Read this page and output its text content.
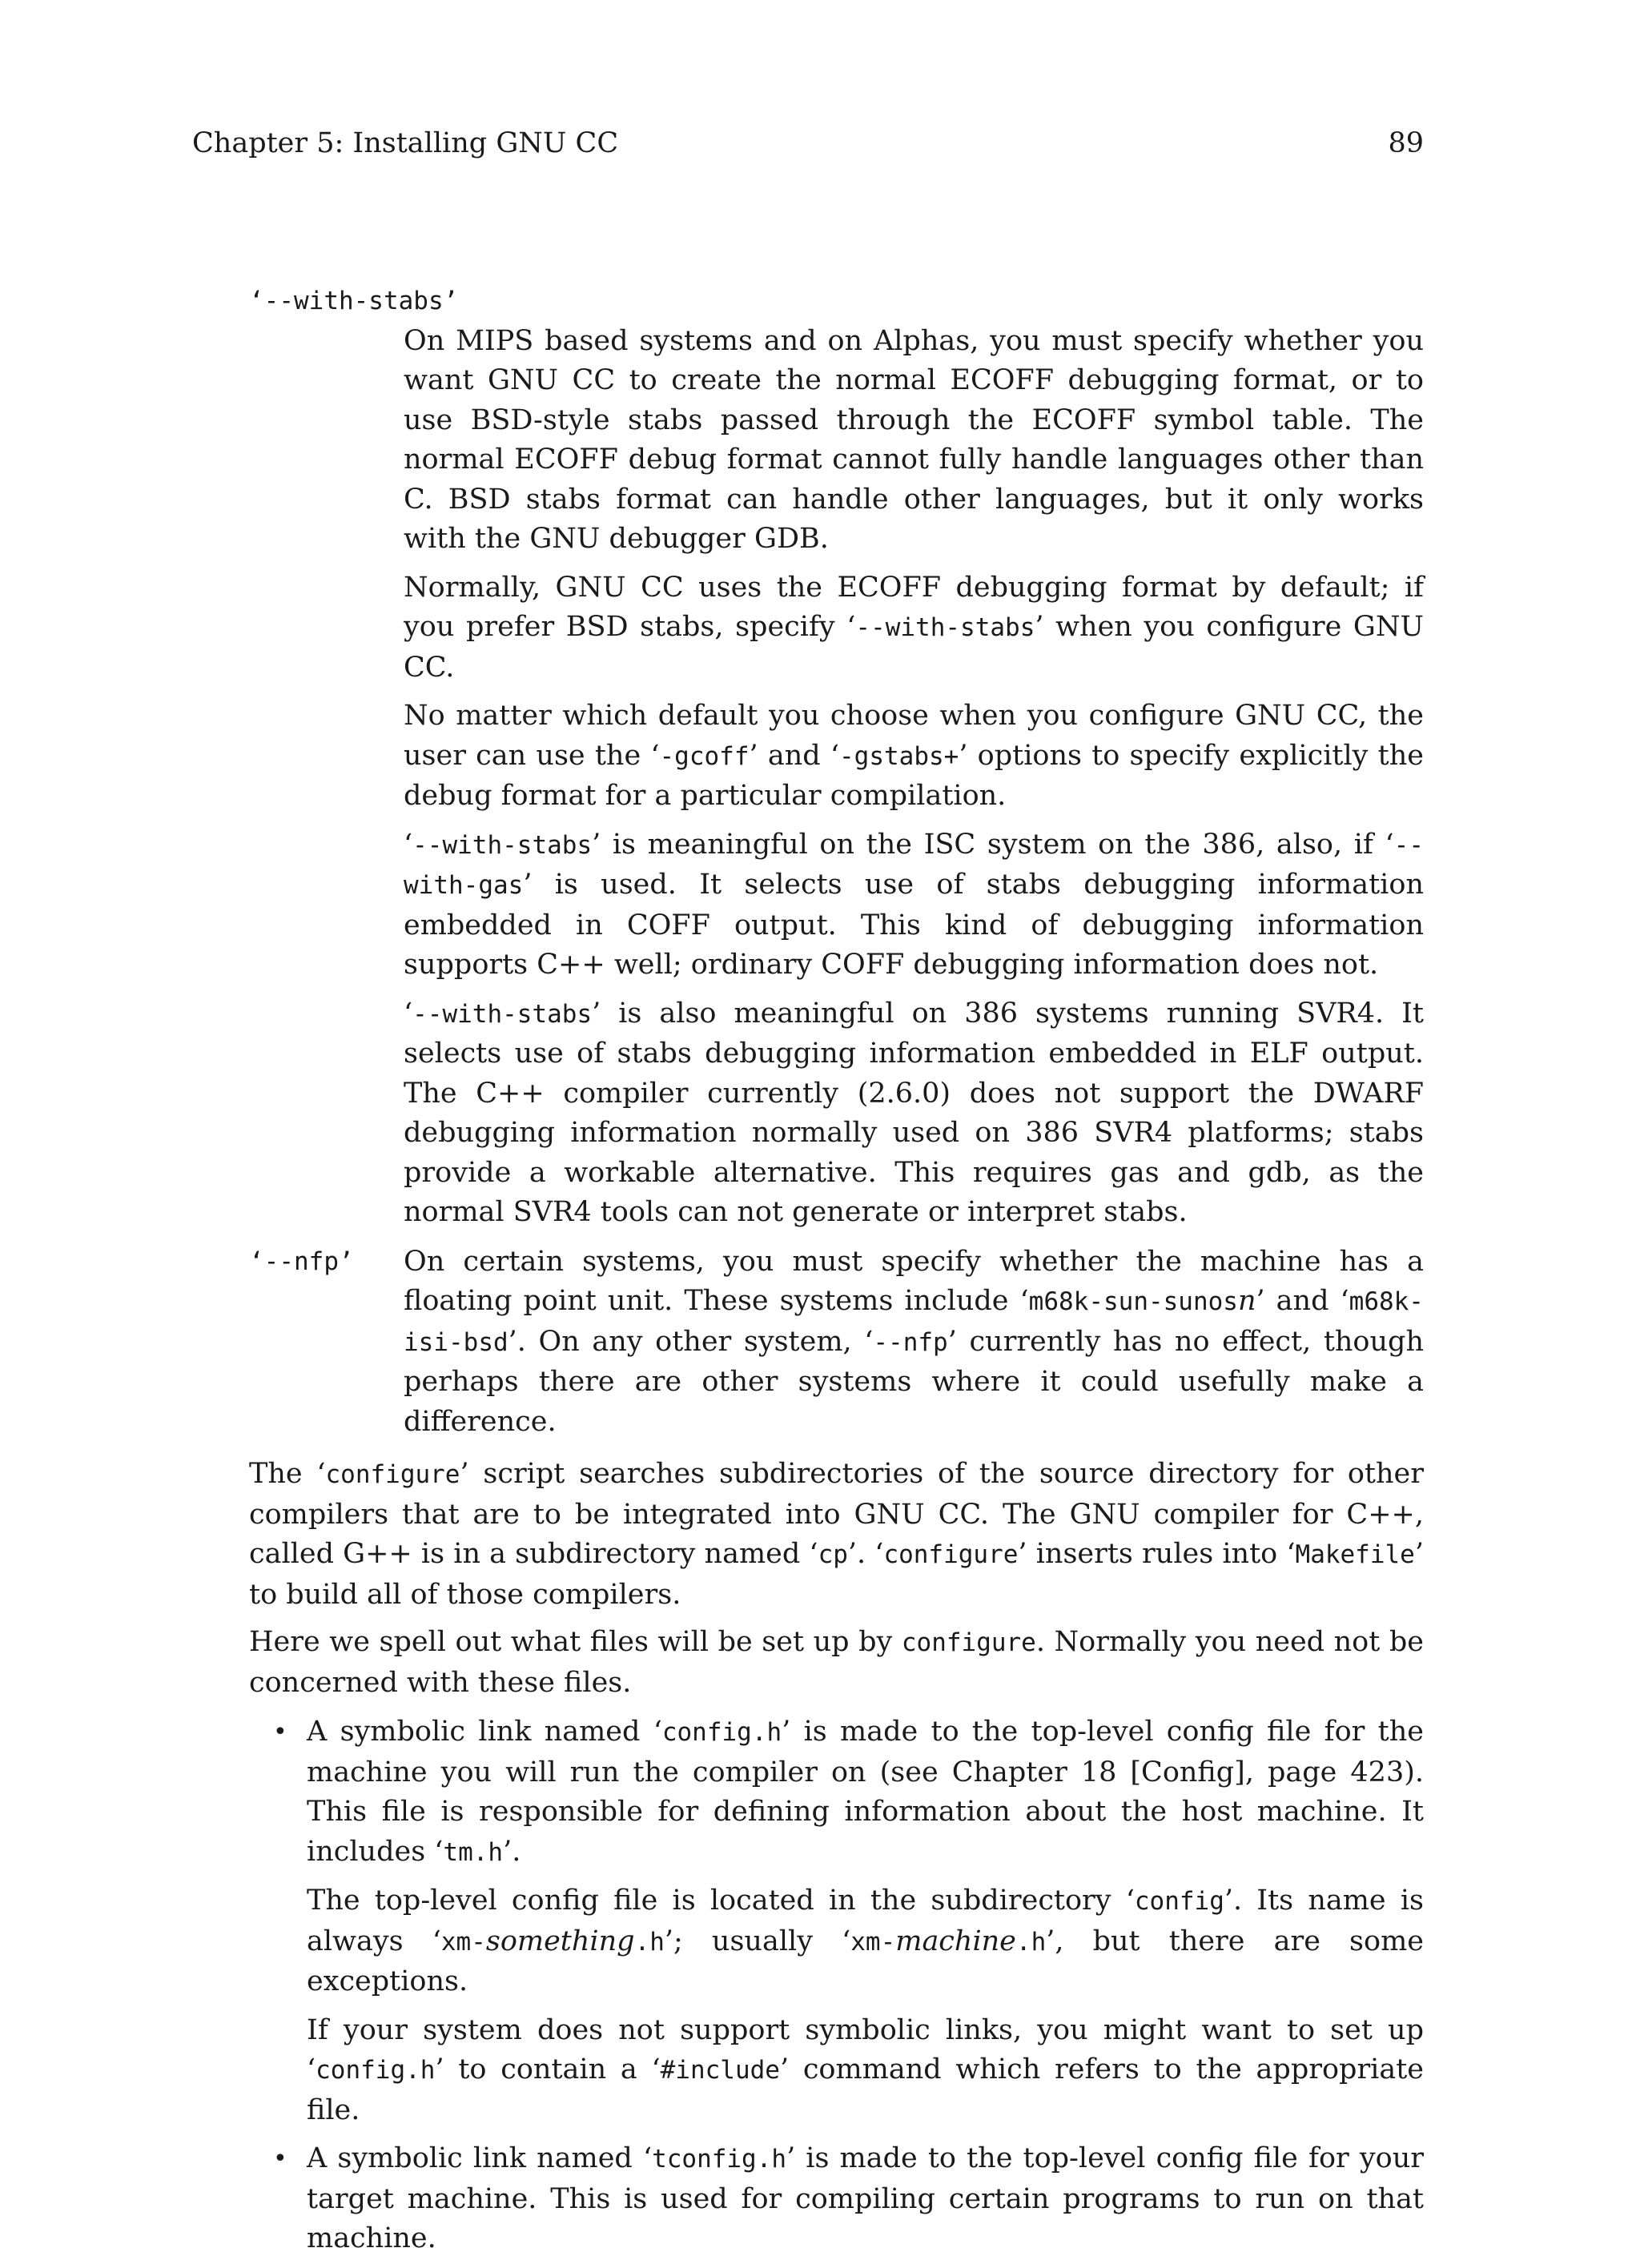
Chapter 5: Installing GNU CC	89
‘--with-stabs’

On MIPS based systems and on Alphas, you must specify whether you want GNU CC to create the normal ECOFF debugging format, or to use BSD-style stabs passed through the ECOFF symbol table. The normal ECOFF debug format cannot fully handle languages other than C. BSD stabs format can handle other languages, but it only works with the GNU debugger GDB.

Normally, GNU CC uses the ECOFF debugging format by default; if you prefer BSD stabs, specify ‘--with-stabs’ when you configure GNU CC.

No matter which default you choose when you configure GNU CC, the user can use the ‘-gcoff’ and ‘-gstabs+’ options to specify explicitly the debug format for a particular compilation.

‘--with-stabs’ is meaningful on the ISC system on the 386, also, if ‘--with-gas’ is used. It selects use of stabs debugging information embedded in COFF output. This kind of debugging information supports C++ well; ordinary COFF debugging information does not.

‘--with-stabs’ is also meaningful on 386 systems running SVR4. It selects use of stabs debugging information embedded in ELF output. The C++ compiler currently (2.6.0) does not support the DWARF debugging information normally used on 386 SVR4 platforms; stabs provide a workable alternative. This requires gas and gdb, as the normal SVR4 tools can not generate or interpret stabs.

‘--nfp’ On certain systems, you must specify whether the machine has a floating point unit. These systems include ‘m68k-sun-sunosn’ and ‘m68k-isi-bsd’. On any other system, ‘--nfp’ currently has no effect, though perhaps there are other systems where it could usefully make a difference.

The ‘configure’ script searches subdirectories of the source directory for other compilers that are to be integrated into GNU CC. The GNU compiler for C++, called G++ is in a subdirectory named ‘cp’. ‘configure’ inserts rules into ‘Makefile’ to build all of those compilers.

Here we spell out what files will be set up by configure. Normally you need not be concerned with these files.

• A symbolic link named ‘config.h’ is made to the top-level config file for the machine you will run the compiler on (see Chapter 18 [Config], page 423). This file is responsible for defining information about the host machine. It includes ‘tm.h’.

The top-level config file is located in the subdirectory ‘config’. Its name is always ‘xm-something.h’; usually ‘xm-machine.h’, but there are some exceptions.

If your system does not support symbolic links, you might want to set up ‘config.h’ to contain a ‘#include’ command which refers to the appropriate file.

• A symbolic link named ‘tconfig.h’ is made to the top-level config file for your target machine. This is used for compiling certain programs to run on that machine.
